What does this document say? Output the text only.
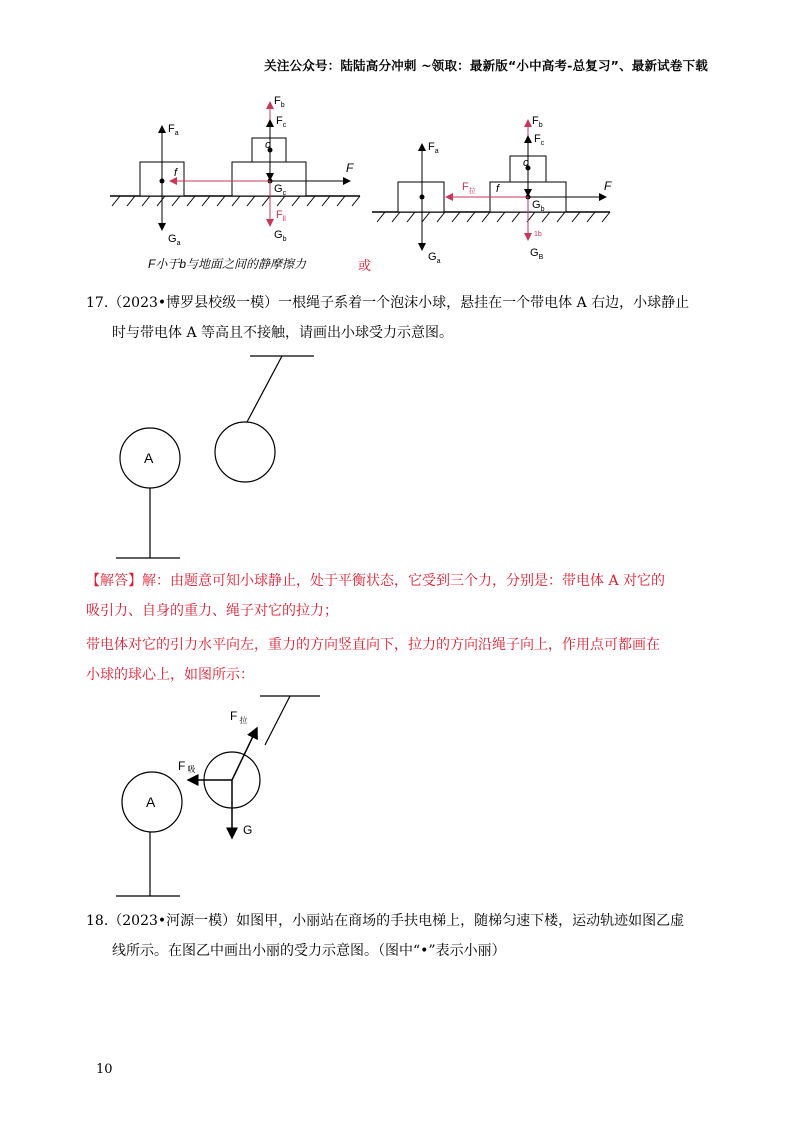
关注公众号：陆陆高分冲刺 ~领取：最新版“小中高考-总复习”、最新试卷下载
$F_a$
$G_a$
$F_b$
$F_c$
$G_c$
$F_{ll}$
$G_b$
f
c
F
F小于b与地面之间的静摩擦力	或
$F_a$
$G_a$
$F_b$
$F_c$
$G_b$
1b
$G_B$
$F_拉$ f
c
F
17.（2023•博罗县校级一模）一根绳子系着一个泡沫小球，悬挂在一个带电体 A 右边，小球静止
时与带电体 A 等高且不接触，请画出小球受力示意图。
A
【解答】解：由题意可知小球静止，处于平衡状态，它受到三个力，分别是：带电体 A 对它的
吸引力、自身的重力、绳子对它的拉力；
带电体对它的引力水平向左，重力的方向竖直向下，拉力的方向沿绳子向上，作用点可都画在
小球的球心上，如图所示：
F $_拉$
F吸
G
A
18.（2023•河源一模）如图甲，小丽站在商场的手扶电梯上，随梯匀速下楼，运动轨迹如图乙虚
线所示。在图乙中画出小丽的受力示意图。（图中“•”表示小丽）
10
